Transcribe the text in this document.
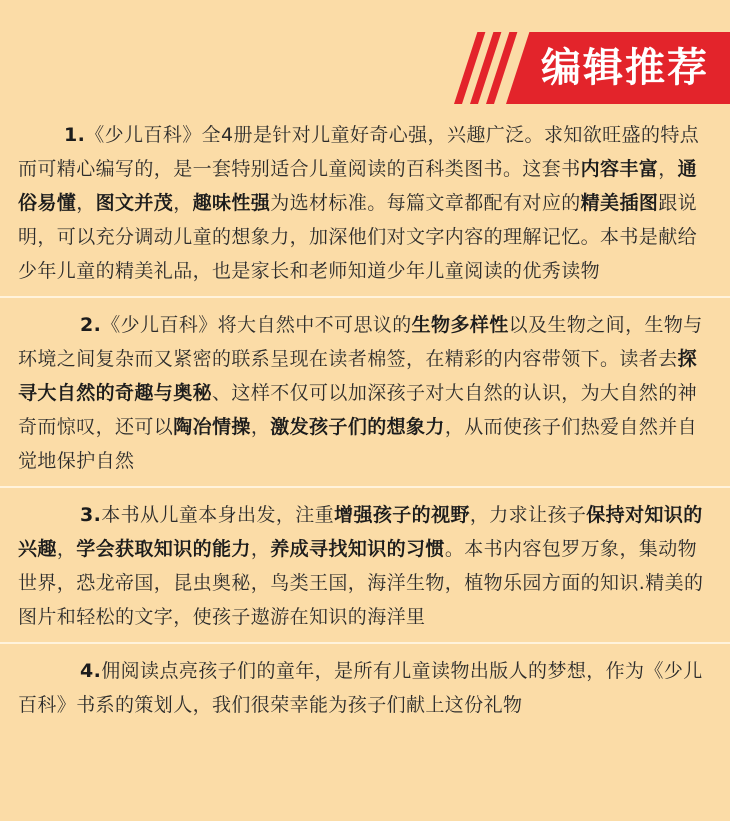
编辑推荐

1.《少儿百科》全4册是针对儿童好奇心强，兴趣广泛。求知欲旺盛的特点而可精心编写的，是一套特别适合儿童阅读的百科类图书。这套书内容丰富，通俗易懂，图文并茂，趣味性强为选材标准。每篇文章都配有对应的精美插图跟说明，可以充分调动儿童的想象力，加深他们对文字内容的理解记忆。本书是献给少年儿童的精美礼品，也是家长和老师知道少年儿童阅读的优秀读物

2.《少儿百科》将大自然中不可思议的生物多样性以及生物之间，生物与环境之间复杂而又紧密的联系呈现在读者棉签，在精彩的内容带领下。读者去探寻大自然的奇趣与奥秘、这样不仅可以加深孩子对大自然的认识，为大自然的神奇而惊叹，还可以陶冶情操，激发孩子们的想象力，从而使孩子们热爱自然并自觉地保护自然

3.本书从儿童本身出发，注重增强孩子的视野，力求让孩子保持对知识的兴趣，学会获取知识的能力，养成寻找知识的习惯。本书内容包罗万象，集动物世界，恐龙帝国，昆虫奥秘，鸟类王国，海洋生物，植物乐园方面的知识.精美的图片和轻松的文字，使孩子遨游在知识的海洋里

4.佣阅读点亮孩子们的童年，是所有儿童读物出版人的梦想，作为《少儿百科》书系的策划人，我们很荣幸能为孩子们献上这份礼物
